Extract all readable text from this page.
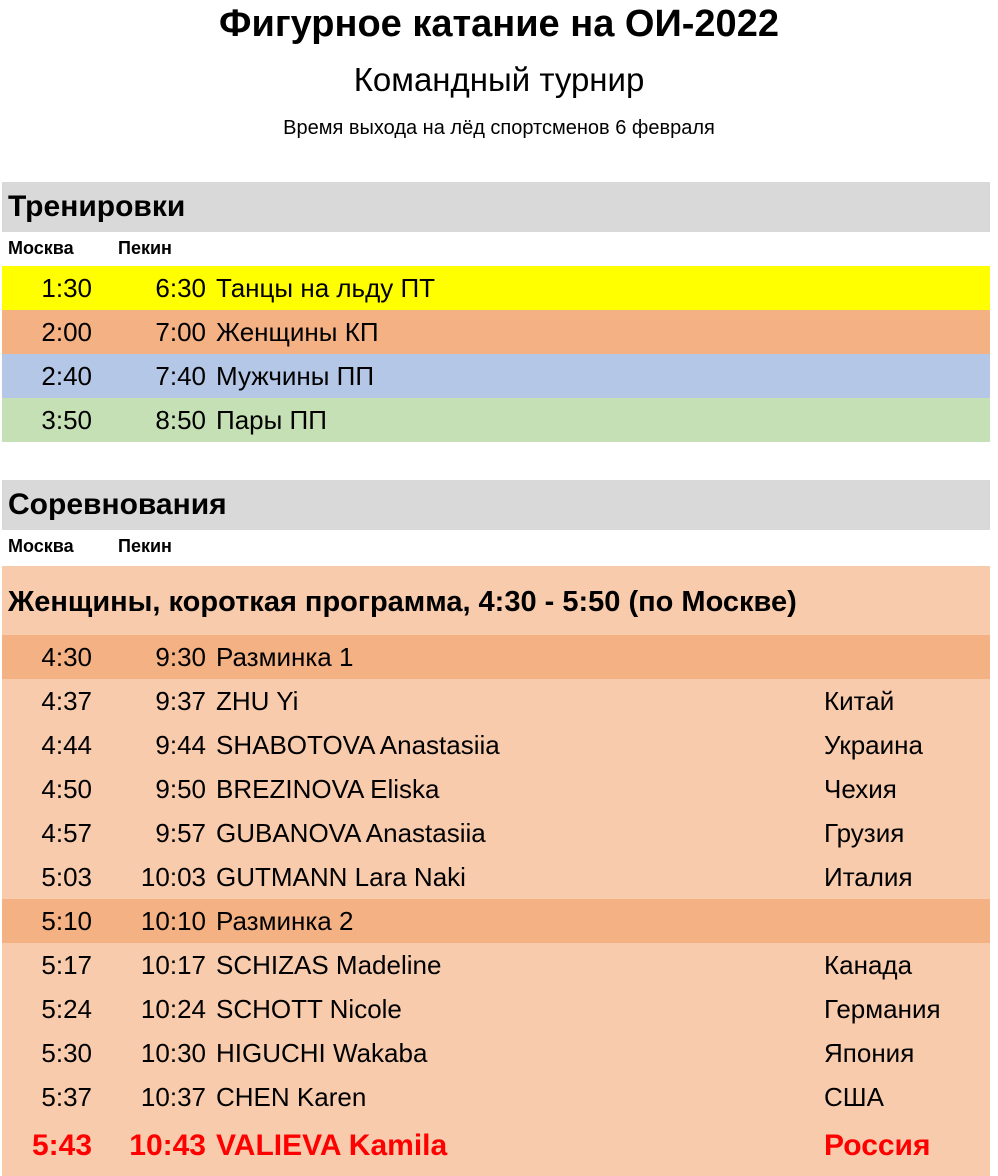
Фигурное катание на ОИ-2022
Командный турнир
Время выхода на лёд спортсменов 6 февраля
Тренировки
Москва Пекин
1:30	6:30 Танцы на льду ПТ
2:00	7:00 Женщины КП
2:40	7:40 Мужчины ПП
3:50	8:50 Пары ПП
Соревнования
Москва Пекин
Женщины, короткая программа, 4:30 - 5:50 (по Москве)
4:30	9:30 Разминка 1
4:37	9:37 ZHU Yi	Китай
4:44	9:44 SHABOTOVA Anastasiia	Украина
4:50	9:50 BREZINOVA Eliska	Чехия
4:57	9:57 GUBANOVA Anastasiia	Грузия
5:03	10:03 GUTMANN Lara Naki	Италия
5:10	10:10 Разминка 2
5:17	10:17 SCHIZAS Madeline	Канада
5:24	10:24 SCHOTT Nicole	Германия
5:30	10:30 HIGUCHI Wakaba	Япония
5:37	10:37 CHEN Karen	США
5:43	10:43 VALIEVA Kamila	Россия
